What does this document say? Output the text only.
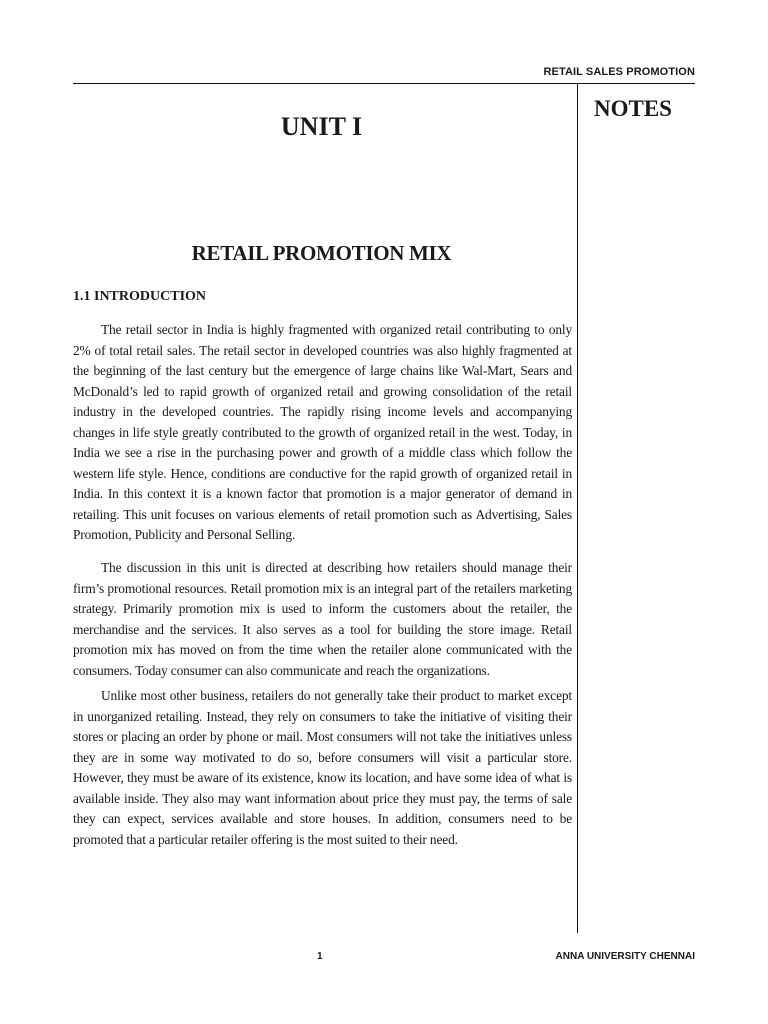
RETAIL SALES PROMOTION
NOTES
UNIT I
RETAIL PROMOTION MIX
1.1 INTRODUCTION

The retail sector in India is highly fragmented with organized retail contributing to only 2% of total retail sales. The retail sector in developed countries was also highly fragmented at the beginning of the last century but the emergence of large chains like Wal-Mart, Sears and McDonald’s led to rapid growth of organized retail and growing consolidation of the retail industry in the developed countries. The rapidly rising income levels and accompanying changes in life style greatly contributed to the growth of organized retail in the west. Today, in India we see a rise in the purchasing power and growth of a middle class which follow the western life style. Hence, conditions are conductive for the rapid growth of organized retail in India. In this context it is a known factor that promotion is a major generator of demand in retailing. This unit focuses on various elements of retail promotion such as Advertising, Sales Promotion, Publicity and Personal Selling.

The discussion in this unit is directed at describing how retailers should manage their firm’s promotional resources. Retail promotion mix is an integral part of the retailers marketing strategy. Primarily promotion mix is used to inform the customers about the retailer, the merchandise and the services. It also serves as a tool for building the store image. Retail promotion mix has moved on from the time when the retailer alone communicated with the consumers. Today consumer can also communicate and reach the organizations.

Unlike most other business, retailers do not generally take their product to market except in unorganized retailing. Instead, they rely on consumers to take the initiative of visiting their stores or placing an order by phone or mail. Most consumers will not take the initiatives unless they are in some way motivated to do so, before consumers will visit a particular store. However, they must be aware of its existence, know its location, and have some idea of what is available inside. They also may want information about price they must pay, the terms of sale they can expect, services available and store houses. In addition, consumers need to be promoted that a particular retailer offering is the most suited to their need.

1	ANNA UNIVERSITY CHENNAI
